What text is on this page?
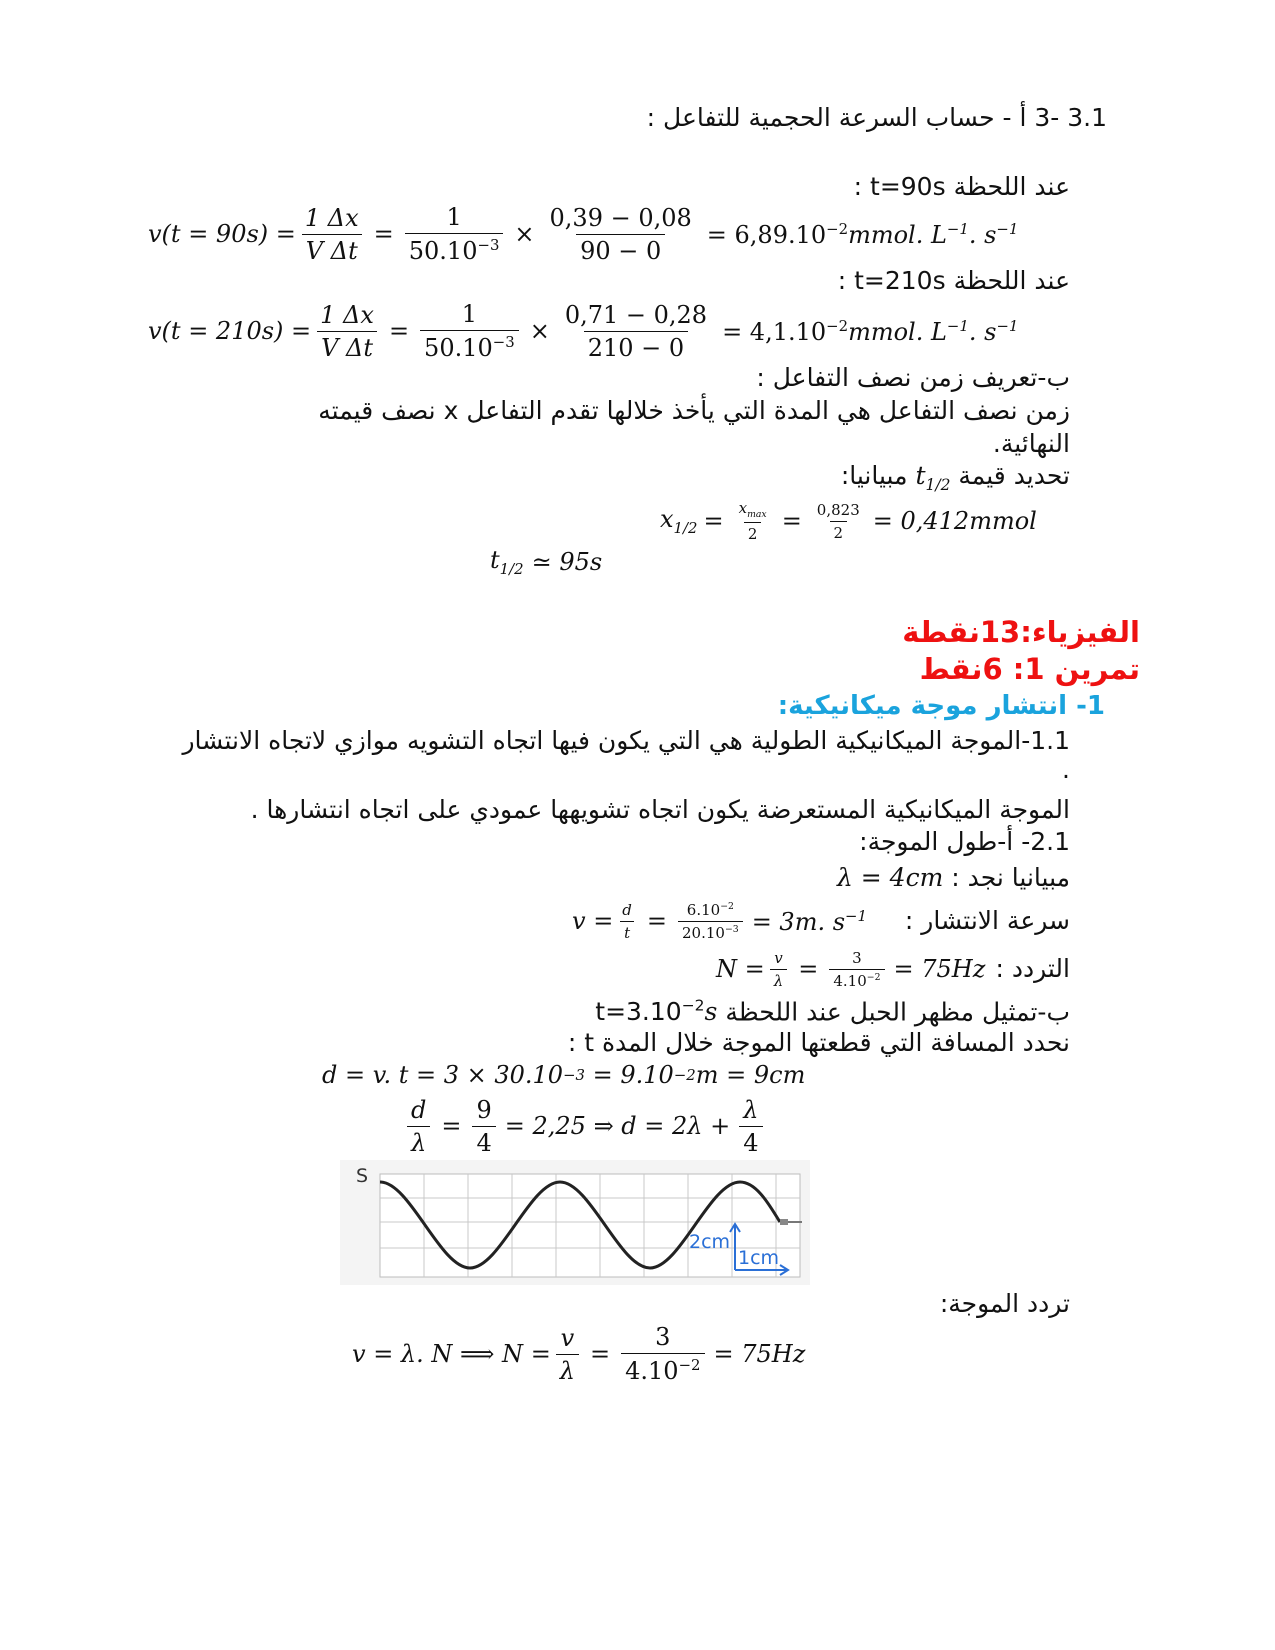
3.1 -3 أ - حساب السرعة الحجمية للتفاعل :
عند اللحظة t=90s :
$v(t = 90s) = \frac{1 \Delta x}{\text{V Δt}} = \frac{1}{50.10^{-3}} \times \frac{0,39 - 0,08}{90 - 0} = 6,89.10^{-2}$ mmol. $L^{-1}$. $s^{-1}$
عند اللحظة t=210s :
$v(t = 210s) = \frac{1 \Delta x}{\text{V Δt}} = \frac{1}{50.10^{-3}} \times \frac{0,71 - 0,28}{210 - 0} = 4,1.10^{-2}$ mmol. $L^{-1}$. $s^{-1}$
ب-تعريف زمن نصف التفاعل :
زمن نصف التفاعل هي المدة التي يأخذ خلالها تقدم التفاعل x نصف قيمته
النهائية.
تحديد قيمة $t_{1/2}$ مبيانيا:
$x_{1/2} = \frac{x_{max}}{2} = \frac{0,823}{2}$ = 0,412mmol
$t_{1/2}$ ≃ 95s
الفيزياء:13نقطة
تمرين 1: 6نقط
1- انتشار موجة ميكانيكية:
1.1-الموجة الميكانيكية الطولية هي التي يكون فيها اتجاه التشويه موازي لاتجاه الانتشار
.
الموجة الميكانيكية المستعرضة يكون اتجاه تشويهها عمودي على اتجاه انتشارها .
2.1- أ-طول الموجة:
مبيانيا نجد : λ = 4cm
سرعة الانتشار :
$v = \frac{d}{t} = \frac{6.10^{-2}}{20.10^{-3}} = 3m$. $s^{-1}$
التردد :
$N = \frac{v}{\lambda} = \frac{3}{4.10^{-2}} = 75Hz$
ب-تمثيل مظهر الحبل عند اللحظة $t=3.10^{-2}s$
نحدد المسافة التي قطعتها الموجة خلال المدة t :
d = v. t = 3 × 30.10 −3 = 9.10 −2 m = 9cm
$\frac{d}{\lambda} = \frac{9}{4} = 2,25$ ⇒ $d = 2\lambda + \frac{\lambda}{4}$
S
2cm
1cm
تردد الموجة:
v = λ. N ⟹ $N = \frac{v}{\lambda} = \frac{3}{4.10^{-2}} = 75Hz$
